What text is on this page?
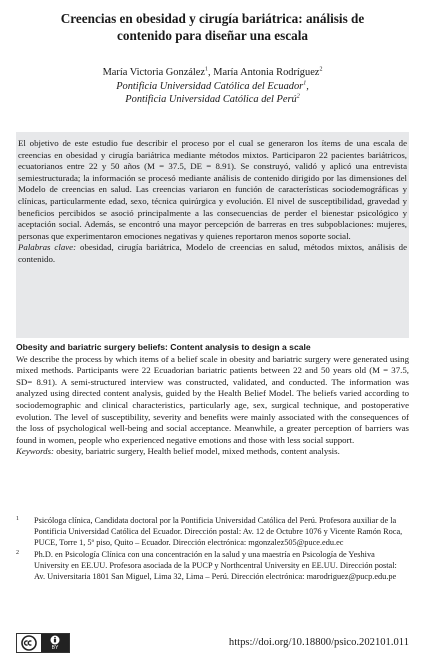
Creencias en obesidad y cirugía bariátrica: análisis de
contenido para diseñar una escala
María Victoria González$^1$, María Antonia Rodríguez$^2$
Pontificia Universidad Católica del Ecuador$^1$,
Pontificia Universidad Católica del Perú$^2$

El objetivo de este estudio fue describir el proceso por el cual se generaron los ítems de una escala de creencias en obesidad y cirugía bariátrica mediante métodos mixtos. Participaron 22 pacientes bariátricos, ecuatorianos entre 22 y 50 años (M = 37.5, DE = 8.91). Se construyó, validó y aplicó una entrevista semiestructurada; la información se procesó mediante análisis de contenido dirigido por las dimensiones del Modelo de creencias en salud. Las creencias variaron en función de características sociodemográficas y clínicas, particularmente edad, sexo, técnica quirúrgica y evolución. El nivel de susceptibilidad, gravedad y beneficios percibidos se asoció principalmente a las consecuencias de perder el bienestar psicológico y aceptación social. Además, se encontró una mayor percepción de barreras en tres subpoblaciones: mujeres, personas que experimentaron emociones negativas y quienes reportaron menos soporte social.

Palabras clave: obesidad, cirugía bariátrica, Modelo de creencias en salud, métodos mixtos, análisis de contenido.

Obesity and bariatric surgery beliefs: Content analysis to design a scale

We describe the process by which items of a belief scale in obesity and bariatric surgery were generated using mixed methods. Participants were 22 Ecuadorian bariatric patients between 22 and 50 years old (M = 37.5, SD= 8.91). A semi-structured interview was constructed, validated, and conducted. The information was analyzed using directed content analysis, guided by the Health Belief Model. The beliefs varied according to sociodemographic and clinical characteristics, particularly age, sex, surgical technique, and postoperative evolution. The level of susceptibility, severity and benefits were mainly associated with the consequences of the loss of psychological well-being and social acceptance. Meanwhile, a greater perception of barriers was found in women, people who experienced negative emotions and those with less social support.

Keywords: obesity, bariatric surgery, Health belief model, mixed methods, content analysis.

1 Psicóloga clínica, Candidata doctoral por la Pontificia Universidad Católica del Perú. Profesora auxiliar de la Pontificia Universidad Católica del Ecuador. Dirección postal: Av. 12 de Octubre 1076 y Vicente Ramón Roca, PUCE, Torre 1, 5º piso, Quito – Ecuador. Dirección electrónica: mgonzalez505@puce.edu.ec
2 Ph.D. en Psicología Clínica con una concentración en la salud y una maestría en Psicología de Yeshiva University en EE.UU. Profesora asociada de la PUCP y Northcentral University en EE.UU. Dirección postal: Av. Universitaria 1801 San Miguel, Lima 32, Lima – Perú. Dirección electrónica: marodriguez@pucp.edu.pe
BY	https://doi.org/10.18800/psico.202101.011
